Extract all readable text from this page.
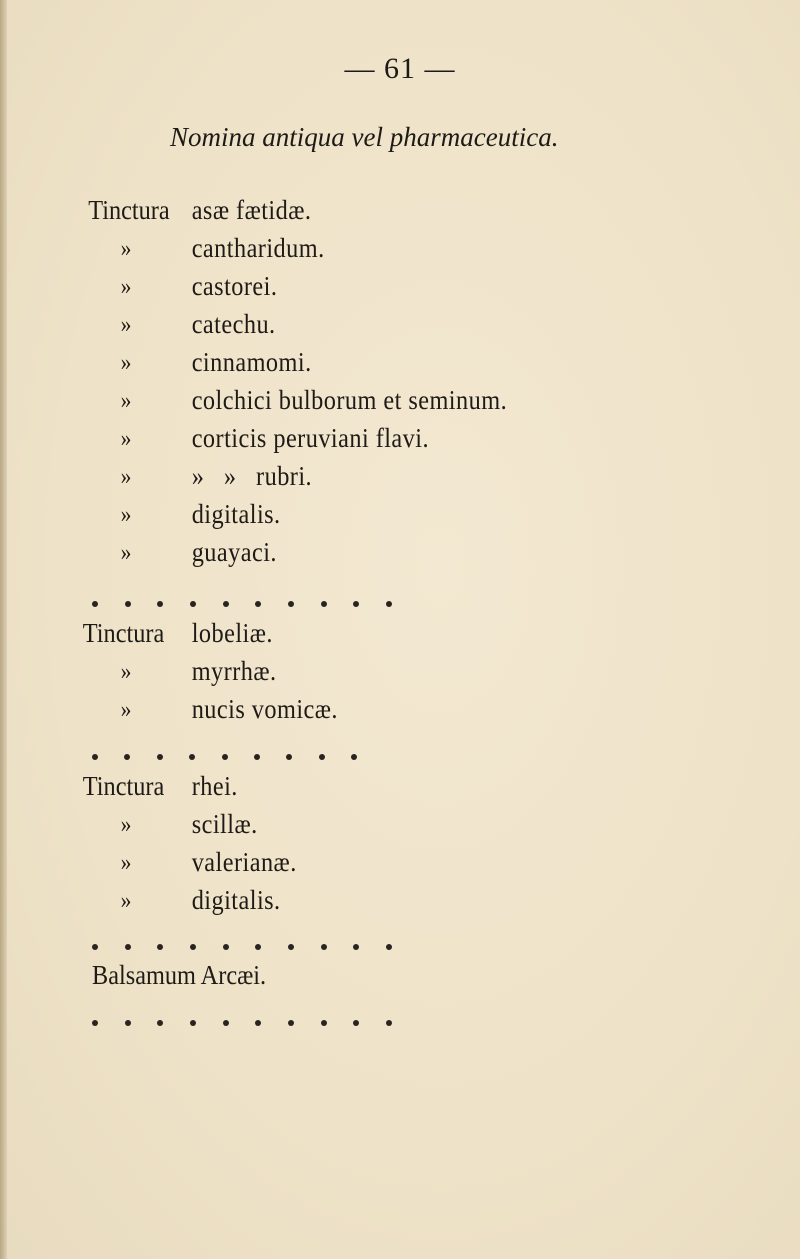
— 61 —
Nomina antiqua vel pharmaceutica.
Tinctura asæ fætidæ.
» cantharidum.
» castorei.
» catechu.
» cinnamomi.
» colchici bulborum et seminum.
» corticis peruviani flavi.
» »   »   rubri.
» digitalis.
» guayaci.
Tinctura lobeliæ.
» myrrhæ.
» nucis vomicæ.
Tinctura rhei.
» scillæ.
» valerianæ.
» digitalis.
Balsamum Arcæi.
